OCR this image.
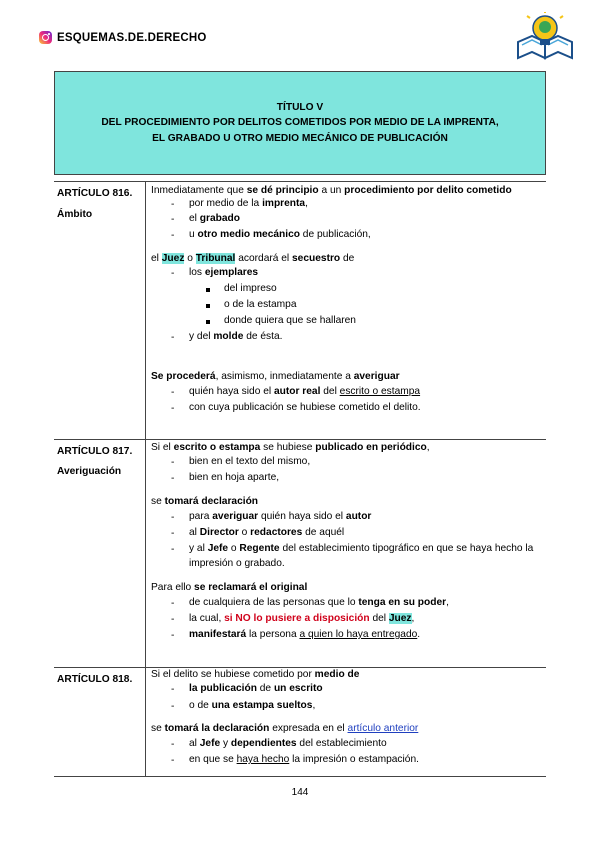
ESQUEMAS.DE.DERECHO
TÍTULO V
DEL PROCEDIMIENTO POR DELITOS COMETIDOS POR MEDIO DE LA IMPRENTA,
EL GRABADO U OTRO MEDIO MECÁNICO DE PUBLICACIÓN
ARTÍCULO 816.
Ámbito
Inmediatamente que se dé principio a un procedimiento por delito cometido
- por medio de la imprenta,
- el grabado
- u otro medio mecánico de publicación,
el Juez o Tribunal acordará el secuestro de
- los ejemplares
del impreso
o de la estampa
donde quiera que se hallaren
- y del molde de ésta.
Se procederá, asimismo, inmediatamente a averiguar
- quién haya sido el autor real del escrito o estampa
- con cuya publicación se hubiese cometido el delito.
ARTÍCULO 817.
Averiguación
Si el escrito o estampa se hubiese publicado en periódico,
- bien en el texto del mismo,
- bien en hoja aparte,
se tomará declaración
- para averiguar quién haya sido el autor
- al Director o redactores de aquél
- y al Jefe o Regente del establecimiento tipográfico en que se haya hecho la
impresión o grabado.
Para ello se reclamará el original
- de cualquiera de las personas que lo tenga en su poder,
- la cual, si NO lo pusiere a disposición del Juez,
- manifestará la persona a quien lo haya entregado.
ARTÍCULO 818. Si el delito se hubiese cometido por medio de
- la publicación de un escrito
- o de una estampa sueltos,
se tomará la declaración expresada en el artículo anterior
- al Jefe y dependientes del establecimiento
- en que se haya hecho la impresión o estampación.
144
